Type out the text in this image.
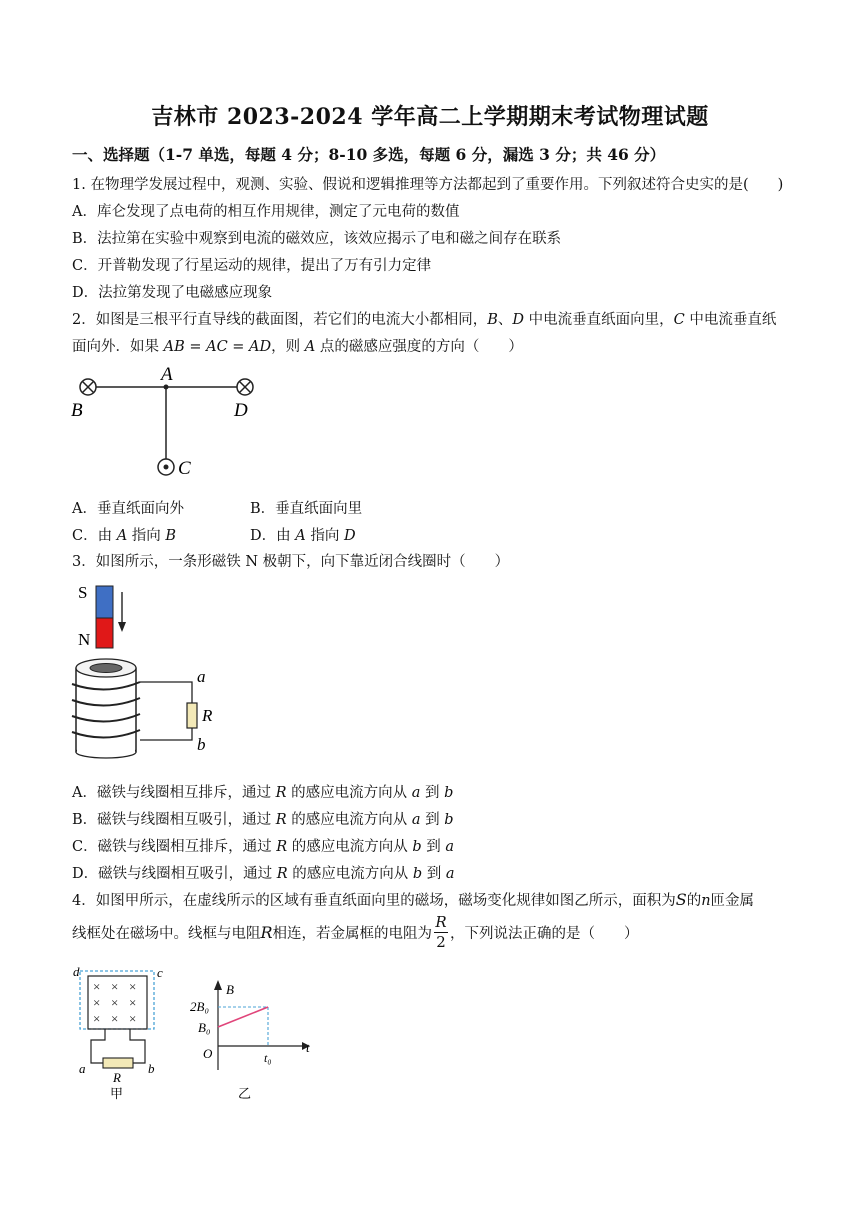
吉林市 2023-2024 学年高二上学期期末考试物理试题
一、选择题（1-7 单选，每题 4 分；8-10 多选，每题 6 分，漏选 3 分；共 46 分）
1. 在物理学发展过程中，观测、实验、假说和逻辑推理等方法都起到了重要作用。下列叙述符合史实的是(　　)
A．库仑发现了点电荷的相互作用规律，测定了元电荷的数值
B．法拉第在实验中观察到电流的磁效应，该效应揭示了电和磁之间存在联系
C．开普勒发现了行星运动的规律，提出了万有引力定律
D．法拉第发现了电磁感应现象
2．如图是三根平行直导线的截面图，若它们的电流大小都相同，B、D 中电流垂直纸面向里，C 中电流垂直纸
面向外．如果 AB = AC = AD，则 A 点的磁感应强度的方向（　　）
A
B	D
C
A．垂直纸面向外	B．垂直纸面向里
C．由 A 指向 B	D．由 A 指向 D
3．如图所示，一条形磁铁 N 极朝下，向下靠近闭合线圈时（　　）
S
N
a
R
b
A．磁铁与线圈相互排斥，通过 R 的感应电流方向从 a 到 b
B．磁铁与线圈相互吸引，通过 R 的感应电流方向从 a 到 b
C．磁铁与线圈相互排斥，通过 R 的感应电流方向从 b 到 a
D．磁铁与线圈相互吸引，通过 R 的感应电流方向从 b 到 a
4．如图甲所示，在虚线所示的区域有垂直纸面向里的磁场，磁场变化规律如图乙所示，面积为S的n匝金属
线框处在磁场中。线框与电阻R相连，若金属框的电阻为 $\frac{R}{2}$ ，下列说法正确的是（　　）
× × ×
× × ×
× × ×
d	c
a	b
R
甲
B
2B₀
B₀
O	t₀
t
乙
